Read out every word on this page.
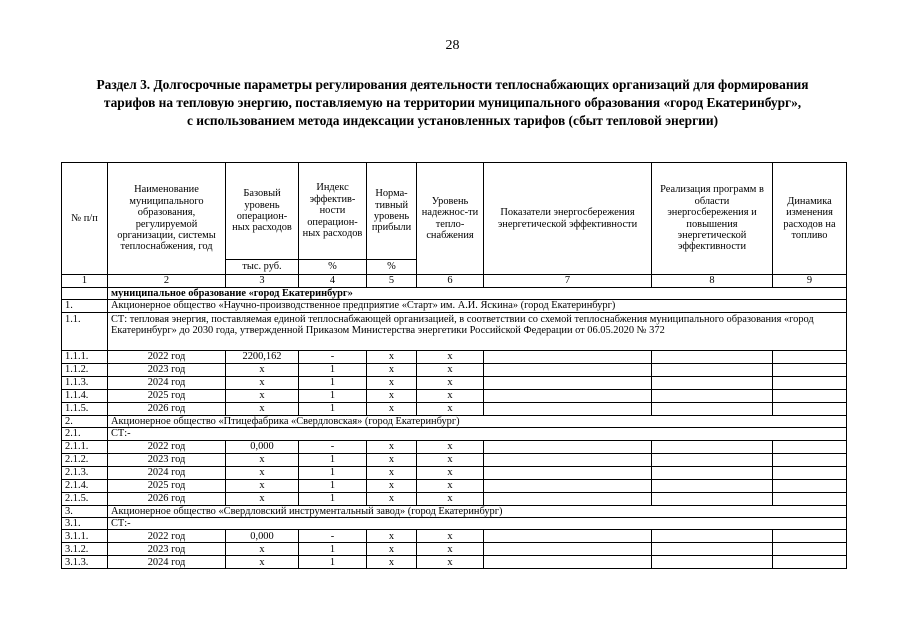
28
Раздел 3. Долгосрочные параметры регулирования деятельности теплоснабжающих организаций для формирования
тарифов на тепловую энергию, поставляемую на территории муниципального образования «город Екатеринбург»,
с использованием метода индексации установленных тарифов (сбыт тепловой энергии)
№ п/п	Наименование муниципального образования, регулируемой организации, системы теплоснабжения, год	Базовый уровень операцион-ных расходов	Индекс эффектив-ности операцион-ных расходов	Норма-тивный уровень прибыли	Уровень надежнос-ти тепло-снабжения	Показатели энергосбережения энергетической эффективности	Реализация программ в области энергосбережения и повышения энергетической эффективности	Динамика изменения расходов на топливо
		тыс. руб.	%	%				
1	2	3	4	5	6	7	8	9
	муниципальное образование «город Екатеринбург»							
1.	Акционерное общество «Научно-производственное предприятие «Старт» им. А.И. Яскина» (город Екатеринбург)							
1.1.	СТ: тепловая энергия, поставляемая единой теплоснабжающей организацией, в соответствии со схемой теплоснабжения муниципального образования «город Екатеринбург» до 2030 года, утвержденной Приказом Министерства энергетики Российской Федерации от 06.05.2020 № 372							
1.1.1.	2022 год	2200,162	-	х	х			
1.1.2.	2023 год	х	1	х	х			
1.1.3.	2024 год	х	1	х	х			
1.1.4.	2025 год	х	1	х	х			
1.1.5.	2026 год	х	1	х	х			
2.	Акционерное общество «Птицефабрика «Свердловская» (город Екатеринбург)							
2.1.	СТ:-							
2.1.1.	2022 год	0,000	-	х	х			
2.1.2.	2023 год	х	1	х	х			
2.1.3.	2024 год	х	1	х	х			
2.1.4.	2025 год	х	1	х	х			
2.1.5.	2026 год	х	1	х	х			
3.	Акционерное общество «Свердловский инструментальный завод» (город Екатеринбург)							
3.1.	СТ:-							
3.1.1.	2022 год	0,000	-	х	х			
3.1.2.	2023 год	х	1	х	х			
3.1.3.	2024 год	х	1	х	х			
